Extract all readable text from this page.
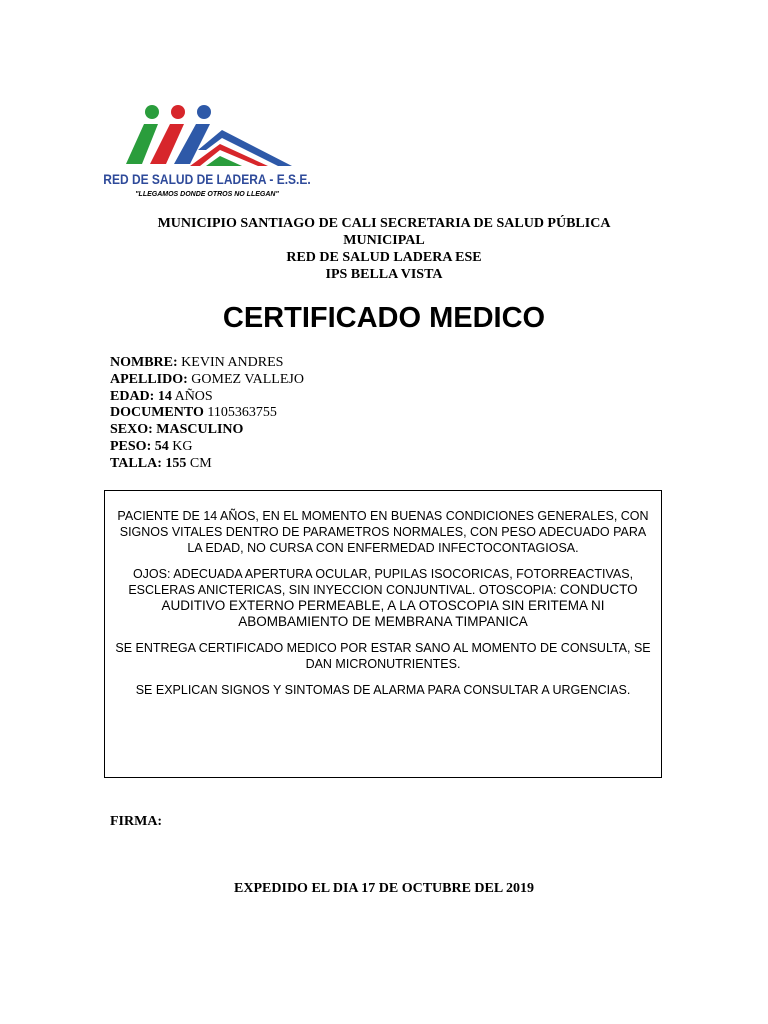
RED DE SALUD DE LADERA - E.S.E.
"LLEGAMOS DONDE OTROS NO LLEGAN"
MUNICIPIO SANTIAGO DE CALI SECRETARIA DE SALUD PÚBLICA
MUNICIPAL
RED DE SALUD LADERA ESE
IPS BELLA VISTA
CERTIFICADO MEDICO
NOMBRE: KEVIN ANDRES
APELLIDO: GOMEZ VALLEJO
EDAD: 14 AÑOS
DOCUMENTO 1105363755
SEXO: MASCULINO
PESO: 54 KG
TALLA: 155 CM

PACIENTE DE 14 AÑOS, EN EL MOMENTO EN BUENAS CONDICIONES GENERALES, CON SIGNOS VITALES DENTRO DE PARAMETROS NORMALES, CON PESO ADECUADO PARA LA EDAD, NO CURSA CON ENFERMEDAD INFECTOCONTAGIOSA.

OJOS: ADECUADA APERTURA OCULAR, PUPILAS ISOCORICAS, FOTORREACTIVAS, ESCLERAS ANICTERICAS, SIN INYECCION CONJUNTIVAL. OTOSCOPIA: CONDUCTO AUDITIVO EXTERNO PERMEABLE, A LA OTOSCOPIA SIN ERITEMA NI ABOMBAMIENTO DE MEMBRANA TIMPANICA

SE ENTREGA CERTIFICADO MEDICO POR ESTAR SANO AL MOMENTO DE CONSULTA, SE DAN MICRONUTRIENTES.

SE EXPLICAN SIGNOS Y SINTOMAS DE ALARMA PARA CONSULTAR A URGENCIAS.

FIRMA:
EXPEDIDO EL DIA 17 DE OCTUBRE DEL 2019
